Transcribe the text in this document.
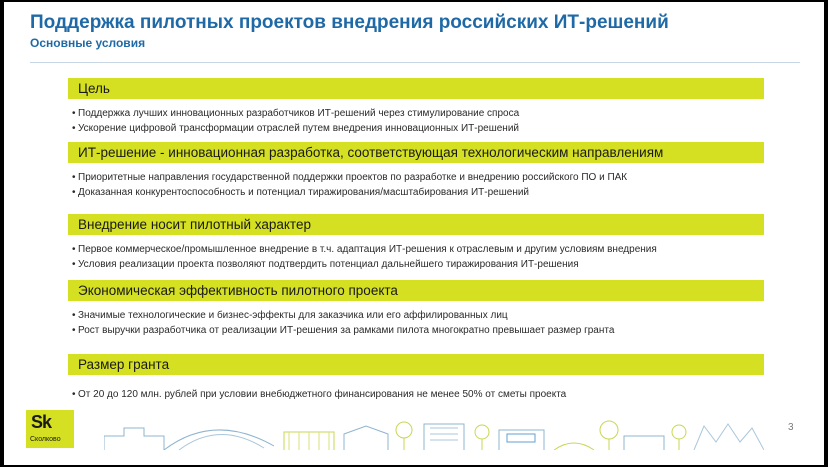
Поддержка пилотных проектов внедрения российских ИТ-решений
Основные условия
Цель
• Поддержка лучших инновационных разработчиков ИТ-решений через стимулирование спроса
• Ускорение цифровой трансформации отраслей путем внедрения инновационных ИТ-решений
ИТ-решение - инновационная разработка, соответствующая технологическим направлениям
• Приоритетные направления государственной поддержки проектов по разработке и внедрению российского ПО и ПАК
• Доказанная конкурентоспособность и потенциал тиражирования/масштабирования ИТ-решений
Внедрение носит пилотный характер
• Первое коммерческое/промышленное внедрение в т.ч. адаптация ИТ-решения к отраслевым и другим условиям внедрения
• Условия реализации проекта позволяют подтвердить потенциал дальнейшего тиражирования ИТ-решения
Экономическая эффективность пилотного проекта
• Значимые технологические и бизнес-эффекты для заказчика или его аффилированных лиц
• Рост выручки разработчика от реализации ИТ-решения за рамками пилота многократно превышает размер гранта
Размер гранта
• От 20 до 120 млн. рублей при условии внебюджетного финансирования не менее 50% от сметы проекта
Sk
Сколково
3
